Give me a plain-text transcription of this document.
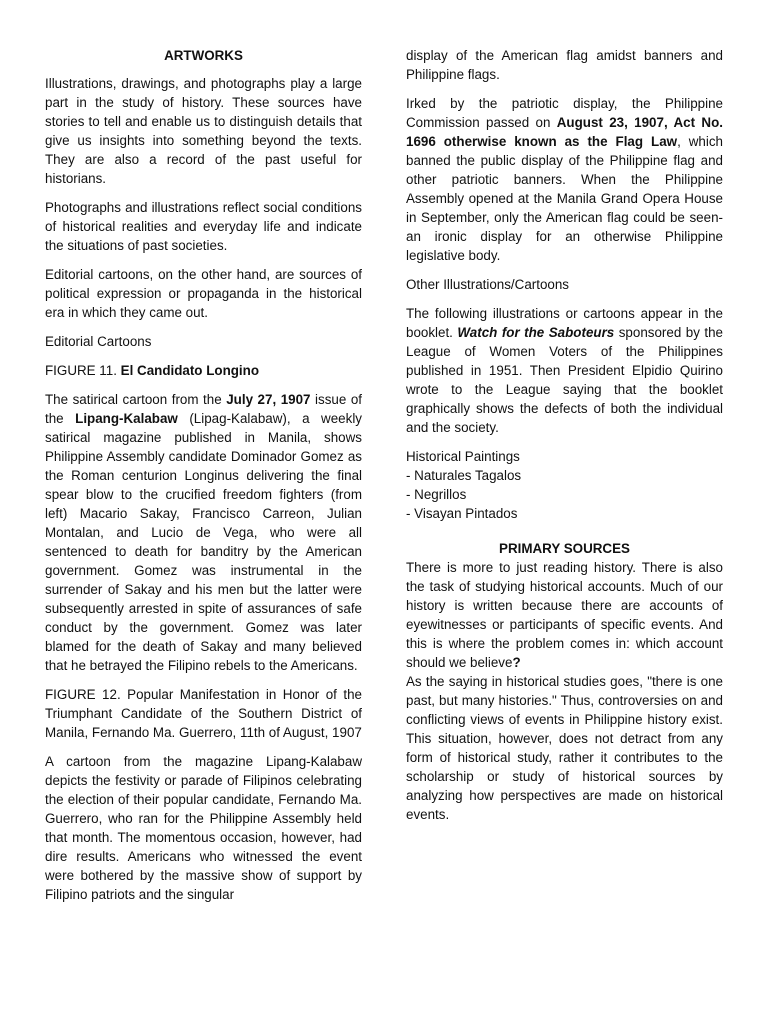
ARTWORKS

Illustrations, drawings, and photographs play a large part in the study of history. These sources have stories to tell and enable us to distinguish details that give us insights into something beyond the texts. They are also a record of the past useful for historians.

Photographs and illustrations reflect social conditions of historical realities and everyday life and indicate the situations of past societies.

Editorial cartoons, on the other hand, are sources of political expression or propaganda in the historical era in which they came out.

Editorial Cartoons

FIGURE 11. El Candidato Longino

The satirical cartoon from the July 27, 1907 issue of the Lipang-Kalabaw (Lipag-Kalabaw), a weekly satirical magazine published in Manila, shows Philippine Assembly candidate Dominador Gomez as the Roman centurion Longinus delivering the final spear blow to the crucified freedom fighters (from left) Macario Sakay, Francisco Carreon, Julian Montalan, and Lucio de Vega, who were all sentenced to death for banditry by the American government. Gomez was instrumental in the surrender of Sakay and his men but the latter were subsequently arrested in spite of assurances of safe conduct by the government. Gomez was later blamed for the death of Sakay and many believed that he betrayed the Filipino rebels to the Americans.

FIGURE 12. Popular Manifestation in Honor of the Triumphant Candidate of the Southern District of Manila, Fernando Ma. Guerrero, 11th of August, 1907

A cartoon from the magazine Lipang-Kalabaw depicts the festivity or parade of Filipinos celebrating the election of their popular candidate, Fernando Ma. Guerrero, who ran for the Philippine Assembly held that month. The momentous occasion, however, had dire results. Americans who witnessed the event were bothered by the massive show of support by Filipino patriots and the singular

display of the American flag amidst banners and Philippine flags.

Irked by the patriotic display, the Philippine Commission passed on August 23, 1907, Act No. 1696 otherwise known as the Flag Law, which banned the public display of the Philippine flag and other patriotic banners. When the Philippine Assembly opened at the Manila Grand Opera House in September, only the American flag could be seen- an ironic display for an otherwise Philippine legislative body.

Other Illustrations/Cartoons

The following illustrations or cartoons appear in the booklet. Watch for the Saboteurs sponsored by the League of Women Voters of the Philippines published in 1951. Then President Elpidio Quirino wrote to the League saying that the booklet graphically shows the defects of both the individual and the society.

Historical Paintings
- Naturales Tagalos
- Negrillos
- Visayan Pintados
PRIMARY SOURCES

There is more to just reading history. There is also the task of studying historical accounts. Much of our history is written because there are accounts of eyewitnesses or participants of specific events. And this is where the problem comes in: which account should we believe?

As the saying in historical studies goes, "there is one past, but many histories." Thus, controversies on and conflicting views of events in Philippine history exist. This situation, however, does not detract from any form of historical study, rather it contributes to the scholarship or study of historical sources by analyzing how perspectives are made on historical events.
